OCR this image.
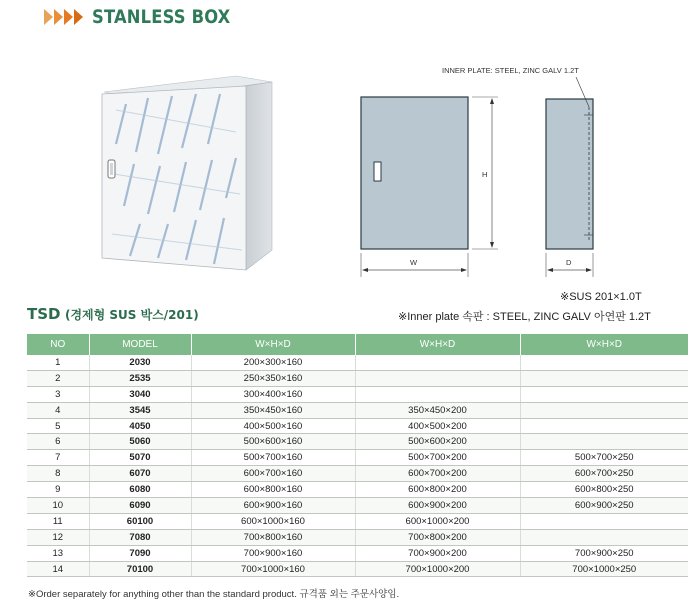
STANLESS BOX
H
W
INNER PLATE: STEEL, ZINC GALV 1.2T
D
※SUS 201×1.0T
※Inner plate 속판 : STEEL, ZINC GALV 아연판 1.2T
TSD (경제형 SUS 박스/201)
NO	MODEL	W×H×D	W×H×D	W×H×D
1	2030	200×300×160		
2	2535	250×350×160		
3	3040	300×400×160		
4	3545	350×450×160	350×450×200	
5	4050	400×500×160	400×500×200	
6	5060	500×600×160	500×600×200	
7	5070	500×700×160	500×700×200	500×700×250
8	6070	600×700×160	600×700×200	600×700×250
9	6080	600×800×160	600×800×200	600×800×250
10	6090	600×900×160	600×900×200	600×900×250
11	60100	600×1000×160	600×1000×200	
12	7080	700×800×160	700×800×200	
13	7090	700×900×160	700×900×200	700×900×250
14	70100	700×1000×160	700×1000×200	700×1000×250
※Order separately for anything other than the standard product. 규격품 외는 주문사양임.
